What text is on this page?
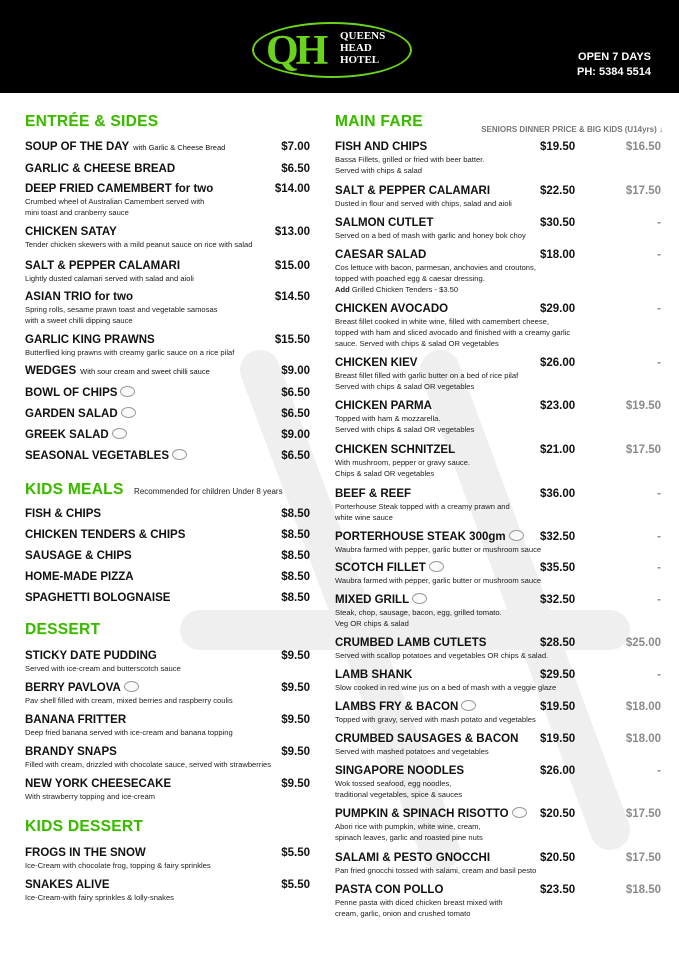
QH QUEENS
HEAD
HOTEL	OPEN 7 DAYS
PH: 5384 5514
ENTRÉE & SIDES
SOUP OF THE DAY with Garlic & Cheese Bread	$7.00
GARLIC & CHEESE BREAD	$6.50
DEEP FRIED CAMEMBERT for two	$14.00
Crumbed wheel of Australian Camembert served with
mini toast and cranberry sauce
CHICKEN SATAY	$13.00
Tender chicken skewers with a mild peanut sauce on rice with salad
SALT & PEPPER CALAMARI	$15.00
Lightly dusted calamari served with salad and aioli
ASIAN TRIO for two	$14.50
Spring rolls, sesame prawn toast and vegetable samosas
with a sweet chilli dipping sauce
GARLIC KING PRAWNS	$15.50
Butterflied king prawns with creamy garlic sauce on a rice pilaf
WEDGES With sour cream and sweet chilli sauce	$9.00
BOWL OF CHIPS	$6.50
GARDEN SALAD	$6.50
GREEK SALAD	$9.00
SEASONAL VEGETABLES	$6.50
KIDS MEALS Recommended for children Under 8 years
FISH & CHIPS	$8.50
CHICKEN TENDERS & CHIPS	$8.50
SAUSAGE & CHIPS	$8.50
HOME-MADE PIZZA	$8.50
SPAGHETTI BOLOGNAISE	$8.50
DESSERT
STICKY DATE PUDDING	$9.50
Served with ice-cream and butterscotch sauce
BERRY PAVLOVA	$9.50
Pav shell filled with cream, mixed berries and raspberry coulis
BANANA FRITTER	$9.50
Deep fried banana served with ice-cream and banana topping
BRANDY SNAPS	$9.50
Filled with cream, drizzled with chocolate sauce, served with strawberries
NEW YORK CHEESECAKE	$9.50
With strawberry topping and ice-cream
KIDS DESSERT
FROGS IN THE SNOW	$5.50
Ice-Cream with chocolate frog, topping & fairy sprinkles
SNAKES ALIVE	$5.50
Ice-Cream-with fairy sprinkles & lolly-snakes
MAIN FARE	SENIORS DINNER PRICE & BIG KIDS (U14yrs) ↓
FISH AND CHIPS	$19.50	$16.50
Bassa Fillets, grilled or fried with beer batter.
Served with chips & salad
SALT & PEPPER CALAMARI	$22.50	$17.50
Dusted in flour and served with chips, salad and aioli
SALMON CUTLET	$30.50	-
Served on a bed of mash with garlic and honey bok choy
CAESAR SALAD	$18.00	-
Cos lettuce with bacon, parmesan, anchovies and croutons,
topped with poached egg & caesar dressing.
Add Grilled Chicken Tenders - $3.50
CHICKEN AVOCADO	$29.00	-
Breast fillet cooked in white wine, filled with camembert cheese,
topped with ham and sliced avocado and finished with a creamy garlic
sauce. Served with chips & salad OR vegetables
CHICKEN KIEV	$26.00	-
Breast fillet filled with garlic butter on a bed of rice pilaf
Served with chips & salad OR vegetables
CHICKEN PARMA	$23.00	$19.50
Topped with ham & mozzarella.
Served with chips & salad OR vegetables
CHICKEN SCHNITZEL	$21.00	$17.50
With mushroom, pepper or gravy sauce.
Chips & salad OR vegetables
BEEF & REEF	$36.00	-
Porterhouse Steak topped with a creamy prawn and
white wine sauce
PORTERHOUSE STEAK 300gm	$32.50	-
Waubra farmed with pepper, garlic butter or mushroom sauce
SCOTCH FILLET	$35.50	-
Waubra farmed with pepper, garlic butter or mushroom sauce
MIXED GRILL	$32.50	-
Steak, chop, sausage, bacon, egg, grilled tomato.
Veg OR chips & salad
CRUMBED LAMB CUTLETS	$28.50	$25.00
Served with scallop potatoes and vegetables OR chips & salad.
LAMB SHANK	$29.50	-
Slow cooked in red wine jus on a bed of mash with a veggie glaze
LAMBS FRY & BACON	$19.50	$18.00
Topped with gravy, served with mash potato and vegetables
CRUMBED SAUSAGES & BACON $19.50	$18.00
Served with mashed potatoes and vegetables
SINGAPORE NOODLES	$26.00	-
Wok tossed seafood, egg noodles,
traditional vegetables, spice & sauces
PUMPKIN & SPINACH RISOTTO	$20.50	$17.50
Abori rice with pumpkin, white wine, cream,
spinach leaves, garlic and roasted pine nuts
SALAMI & PESTO GNOCCHI	$20.50	$17.50
Pan fried gnocchi tossed with salami, cream and basil pesto
PASTA CON POLLO	$23.50	$18.50
Penne pasta with diced chicken breast mixed with
cream, garlic, onion and crushed tomato
